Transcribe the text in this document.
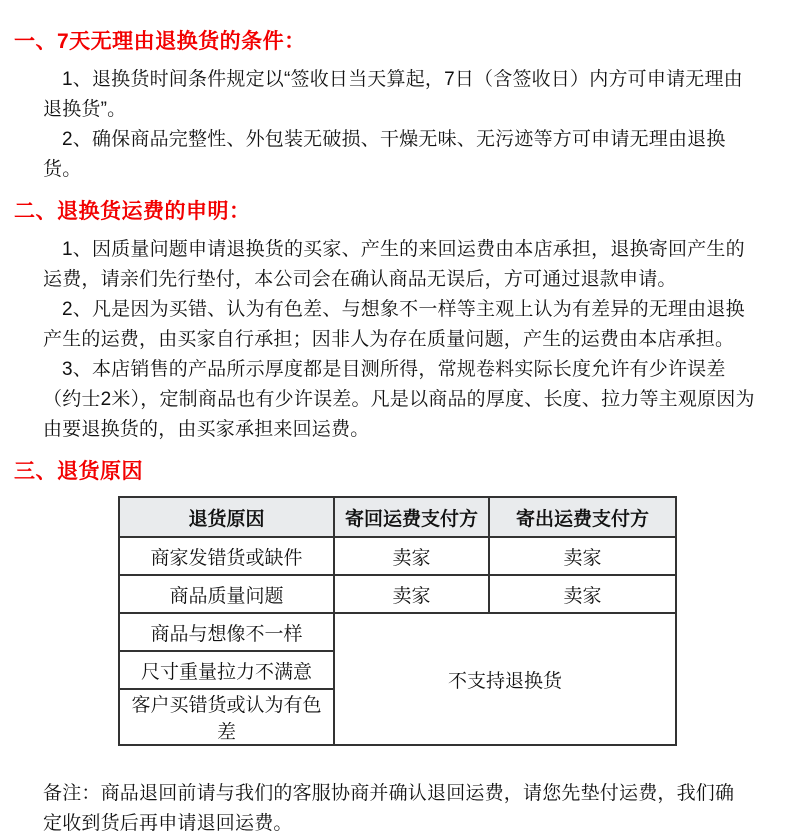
一、7天无理由退换货的条件：

1、退换货时间条件规定以“签收日当天算起，7日（含签收日）内方可申请无理由退换货”。

2、确保商品完整性、外包装无破损、干燥无味、无污迹等方可申请无理由退换货。

二、退换货运费的申明：

1、因质量问题申请退换货的买家、产生的来回运费由本店承担，退换寄回产生的运费，请亲们先行垫付，本公司会在确认商品无误后，方可通过退款申请。

2、凡是因为买错、认为有色差、与想象不一样等主观上认为有差异的无理由退换产生的运费，由买家自行承担；因非人为存在质量问题，产生的运费由本店承担。

3、本店销售的产品所示厚度都是目测所得，常规卷料实际长度允许有少许误差（约士2米），定制商品也有少许误差。凡是以商品的厚度、长度、拉力等主观原因为由要退换货的，由买家承担来回运费。

三、退货原因
退货原因	寄回运费支付方	寄出运费支付方
商家发错货或缺件	卖家	卖家
商品质量问题	卖家	卖家
商品与想像不一样	不支持退换货	
尺寸重量拉力不满意		
客户买错货或认为有色差		

备注：商品退回前请与我们的客服协商并确认退回运费，请您先垫付运费，我们确定收到货后再申请退回运费。
